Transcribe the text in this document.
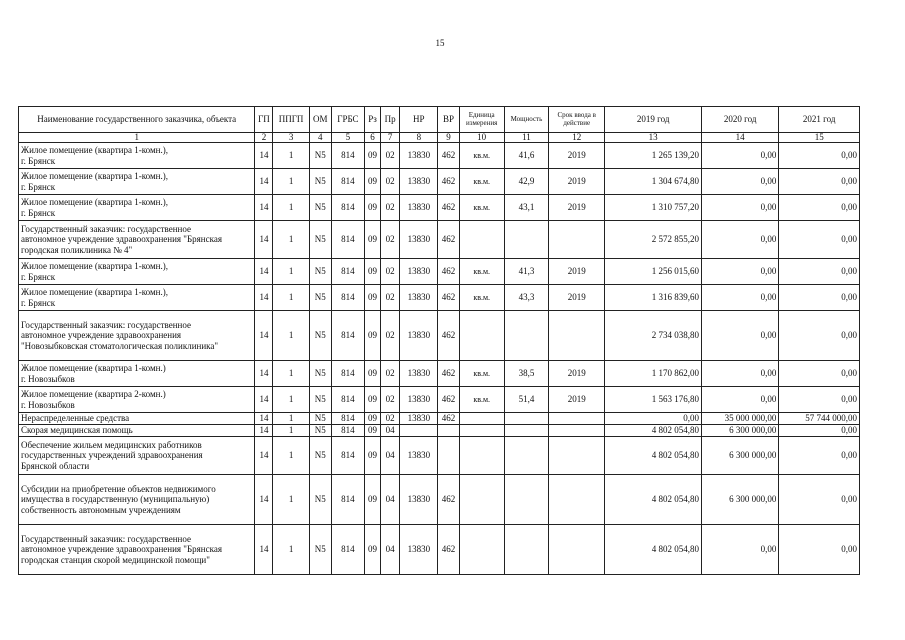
15
Наименование государственного заказчика, объекта	ГП	ППГП	ОМ	ГРБС	Рз	Пр	НР	ВР	Единица измерения	Мощность	Срок ввода в действие	2019 год	2020 год	2021 год
1	2	3	4	5	6	7	8	9	10	11	12	13	14	15
Жилое помещение (квартира 1-комн.),
г. Брянск	14	1	N5	814	09	02	13830	462	кв.м.	41,6	2019	1 265 139,20	0,00	0,00
Жилое помещение (квартира 1-комн.),
г. Брянск	14	1	N5	814	09	02	13830	462	кв.м.	42,9	2019	1 304 674,80	0,00	0,00
Жилое помещение (квартира 1-комн.),
г. Брянск	14	1	N5	814	09	02	13830	462	кв.м.	43,1	2019	1 310 757,20	0,00	0,00
Государственный заказчик: государственное
автономное учреждение здравоохранения "Брянская
городская поликлиника № 4"	14	1	N5	814	09	02	13830	462				2 572 855,20	0,00	0,00
Жилое помещение (квартира 1-комн.),
г. Брянск	14	1	N5	814	09	02	13830	462	кв.м.	41,3	2019	1 256 015,60	0,00	0,00
Жилое помещение (квартира 1-комн.),
г. Брянск	14	1	N5	814	09	02	13830	462	кв.м.	43,3	2019	1 316 839,60	0,00	0,00
Государственный заказчик: государственное
автономное учреждение здравоохранения
"Новозыбковская стоматологическая поликлиника"	14	1	N5	814	09	02	13830	462				2 734 038,80	0,00	0,00
Жилое помещение (квартира 1-комн.)
г. Новозыбков	14	1	N5	814	09	02	13830	462	кв.м.	38,5	2019	1 170 862,00	0,00	0,00
Жилое помещение (квартира 2-комн.)
г. Новозыбков	14	1	N5	814	09	02	13830	462	кв.м.	51,4	2019	1 563 176,80	0,00	0,00
Нераспределенные средства	14	1	N5	814	09	02	13830	462				0,00	35 000 000,00	57 744 000,00
Скорая медицинская помощь	14	1	N5	814	09	04						4 802 054,80	6 300 000,00	0,00
Обеспечение жильем медицинских работников
государственных учреждений здравоохранения
Брянской области	14	1	N5	814	09	04	13830					4 802 054,80	6 300 000,00	0,00
Субсидии на приобретение объектов недвижимого
имущества в государственную (муниципальную)
собственность автономным учреждениям	14	1	N5	814	09	04	13830	462				4 802 054,80	6 300 000,00	0,00
Государственный заказчик: государственное
автономное учреждение здравоохранения "Брянская
городская станция скорой медицинской помощи"	14	1	N5	814	09	04	13830	462				4 802 054,80	0,00	0,00
